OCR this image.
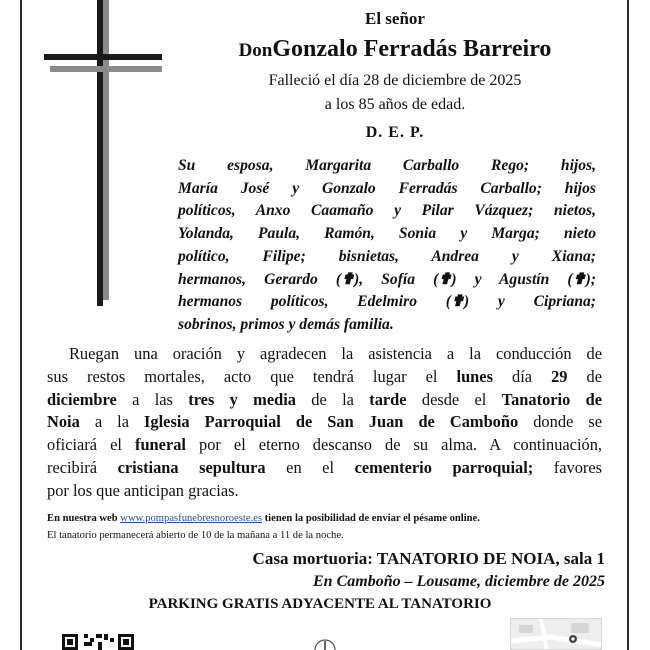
El señor
DonGonzalo Ferradás Barreiro
Falleció el día 28 de diciembre de 2025
a los 85 años de edad.
D. E. P.
Su esposa, Margarita Carballo Rego; hijos,
María José y Gonzalo Ferradás Carballo; hijos
políticos, Anxo Caamaño y Pilar Vázquez; nietos,
Yolanda, Paula, Ramón, Sonia y Marga; nieto
político, Filipe; bisnietas, Andrea y Xiana;
hermanos, Gerardo (✟), Sofía (✟) y Agustín (✟);
hermanos políticos, Edelmiro (✟) y Cipriana;
sobrinos, primos y demás familia.
Ruegan una oración y agradecen la asistencia a la conducción de
sus restos mortales, acto que tendrá lugar el lunes día 29 de
diciembre a las tres y media de la tarde desde el Tanatorio de
Noia a la Iglesia Parroquial de San Juan de Camboño donde se
oficiará el funeral por el eterno descanso de su alma. A continuación,
recibirá cristiana sepultura en el cementerio parroquial; favores
por los que anticipan gracias.
En nuestra web www.pompasfunebresnoroeste.es tienen la posibilidad de enviar el pésame online.
El tanatorio permanecerá abierto de 10 de la mañana a 11 de la noche.
Casa mortuoria: TANATORIO DE NOIA, sala 1
En Camboño – Lousame, diciembre de 2025
PARKING GRATIS ADYACENTE AL TANATORIO
